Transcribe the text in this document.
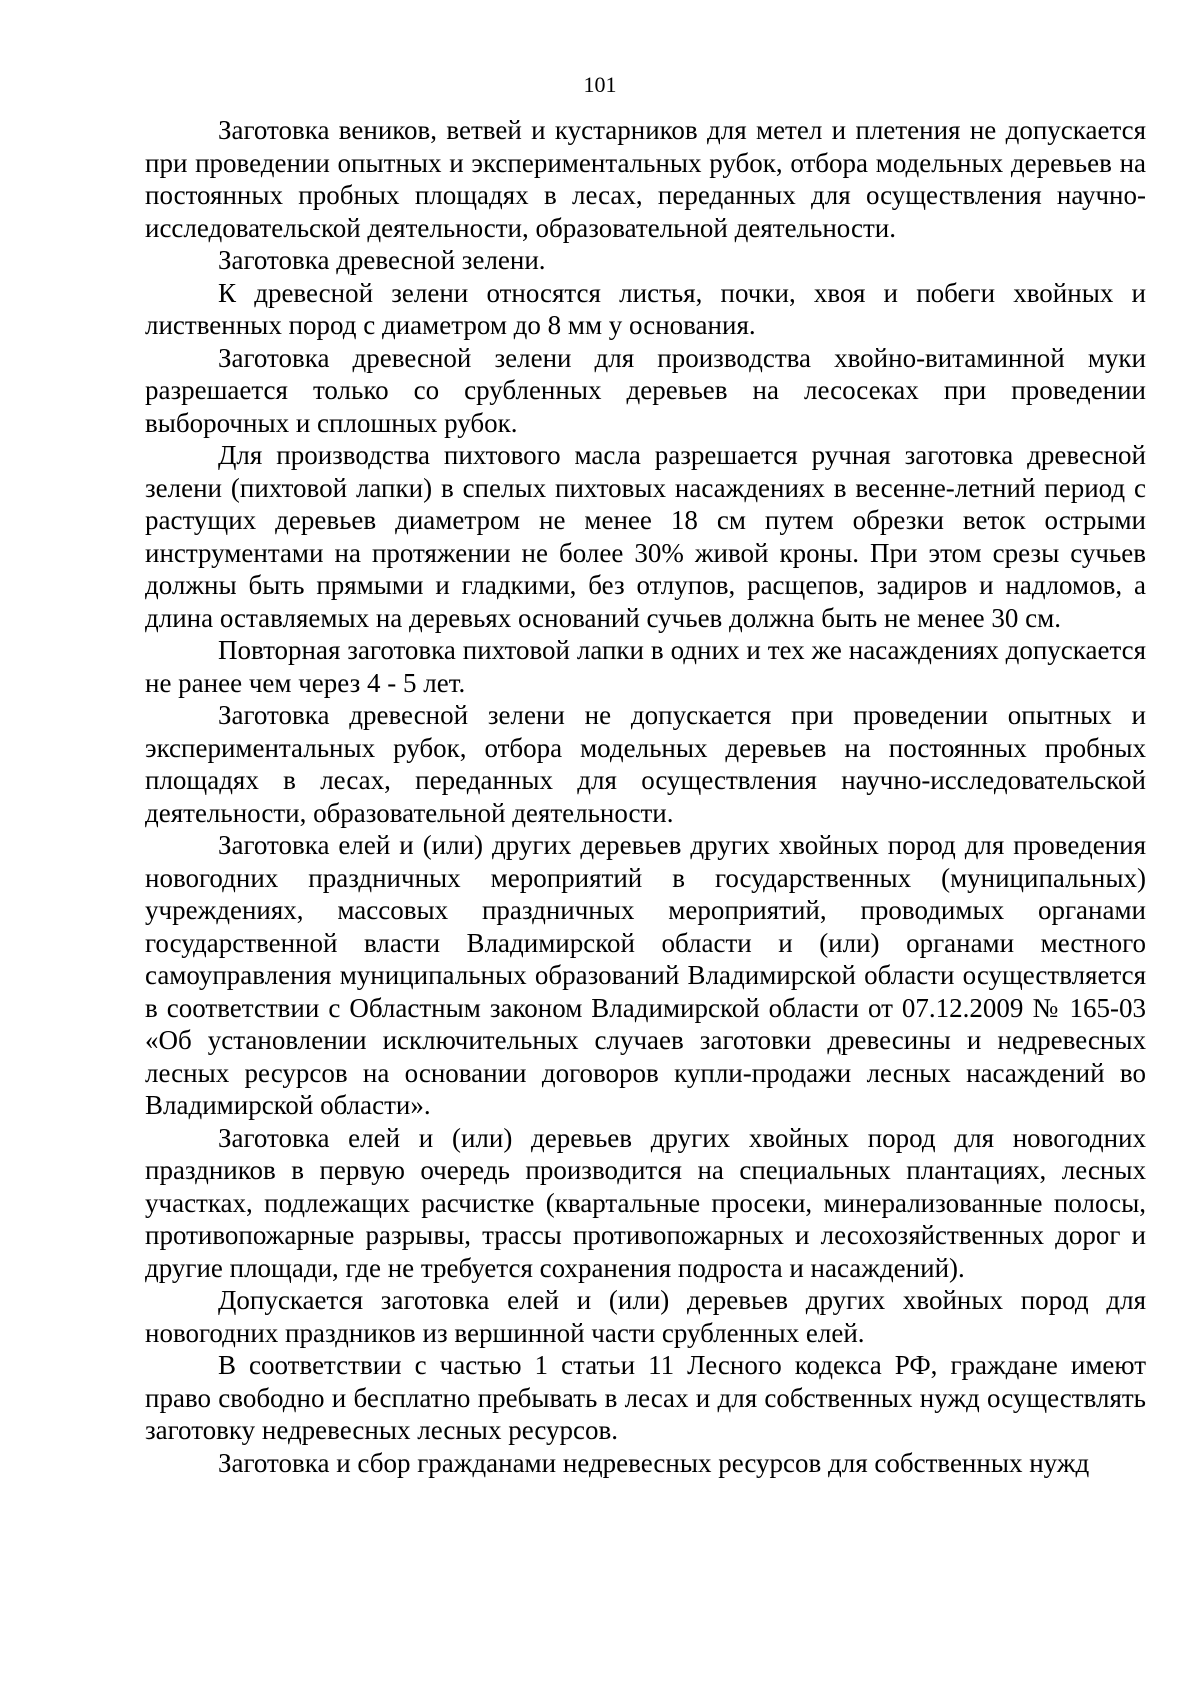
101

Заготовка веников, ветвей и кустарников для метел и плетения не допускается при проведении опытных и экспериментальных рубок, отбора модельных деревьев на постоянных пробных площадях в лесах, переданных для осуществления научно-исследовательской деятельности, образовательной деятельности.

Заготовка древесной зелени.

К древесной зелени относятся листья, почки, хвоя и побеги хвойных и лиственных пород с диаметром до 8 мм у основания.

Заготовка древесной зелени для производства хвойно-витаминной муки разрешается только со срубленных деревьев на лесосеках при проведении выборочных и сплошных рубок.

Для производства пихтового масла разрешается ручная заготовка древесной зелени (пихтовой лапки) в спелых пихтовых насаждениях в весенне-летний период с растущих деревьев диаметром не менее 18 см путем обрезки веток острыми инструментами на протяжении не более 30% живой кроны. При этом срезы сучьев должны быть прямыми и гладкими, без отлупов, расщепов, задиров и надломов, а длина оставляемых на деревьях оснований сучьев должна быть не менее 30 см.

Повторная заготовка пихтовой лапки в одних и тех же насаждениях допускается не ранее чем через 4 - 5 лет.

Заготовка древесной зелени не допускается при проведении опытных и экспериментальных рубок, отбора модельных деревьев на постоянных пробных площадях в лесах, переданных для осуществления научно-исследовательской деятельности, образовательной деятельности.

Заготовка елей и (или) других деревьев других хвойных пород для проведения новогодних праздничных мероприятий в государственных (муниципальных) учреждениях, массовых праздничных мероприятий, проводимых органами государственной власти Владимирской области и (или) органами местного самоуправления муниципальных образований Владимирской области осуществляется в соответствии с Областным законом Владимирской области от 07.12.2009 № 165-03 «Об установлении исключительных случаев заготовки древесины и недревесных лесных ресурсов на основании договоров купли-продажи лесных насаждений во Владимирской области».

Заготовка елей и (или) деревьев других хвойных пород для новогодних праздников в первую очередь производится на специальных плантациях, лесных участках, подлежащих расчистке (квартальные просеки, минерализованные полосы, противопожарные разрывы, трассы противопожарных и лесохозяйственных дорог и другие площади, где не требуется сохранения подроста и насаждений).

Допускается заготовка елей и (или) деревьев других хвойных пород для новогодних праздников из вершинной части срубленных елей.

В соответствии с частью 1 статьи 11 Лесного кодекса РФ, граждане имеют право свободно и бесплатно пребывать в лесах и для собственных нужд осуществлять заготовку недревесных лесных ресурсов.

Заготовка и сбор гражданами недревесных ресурсов для собственных нужд
